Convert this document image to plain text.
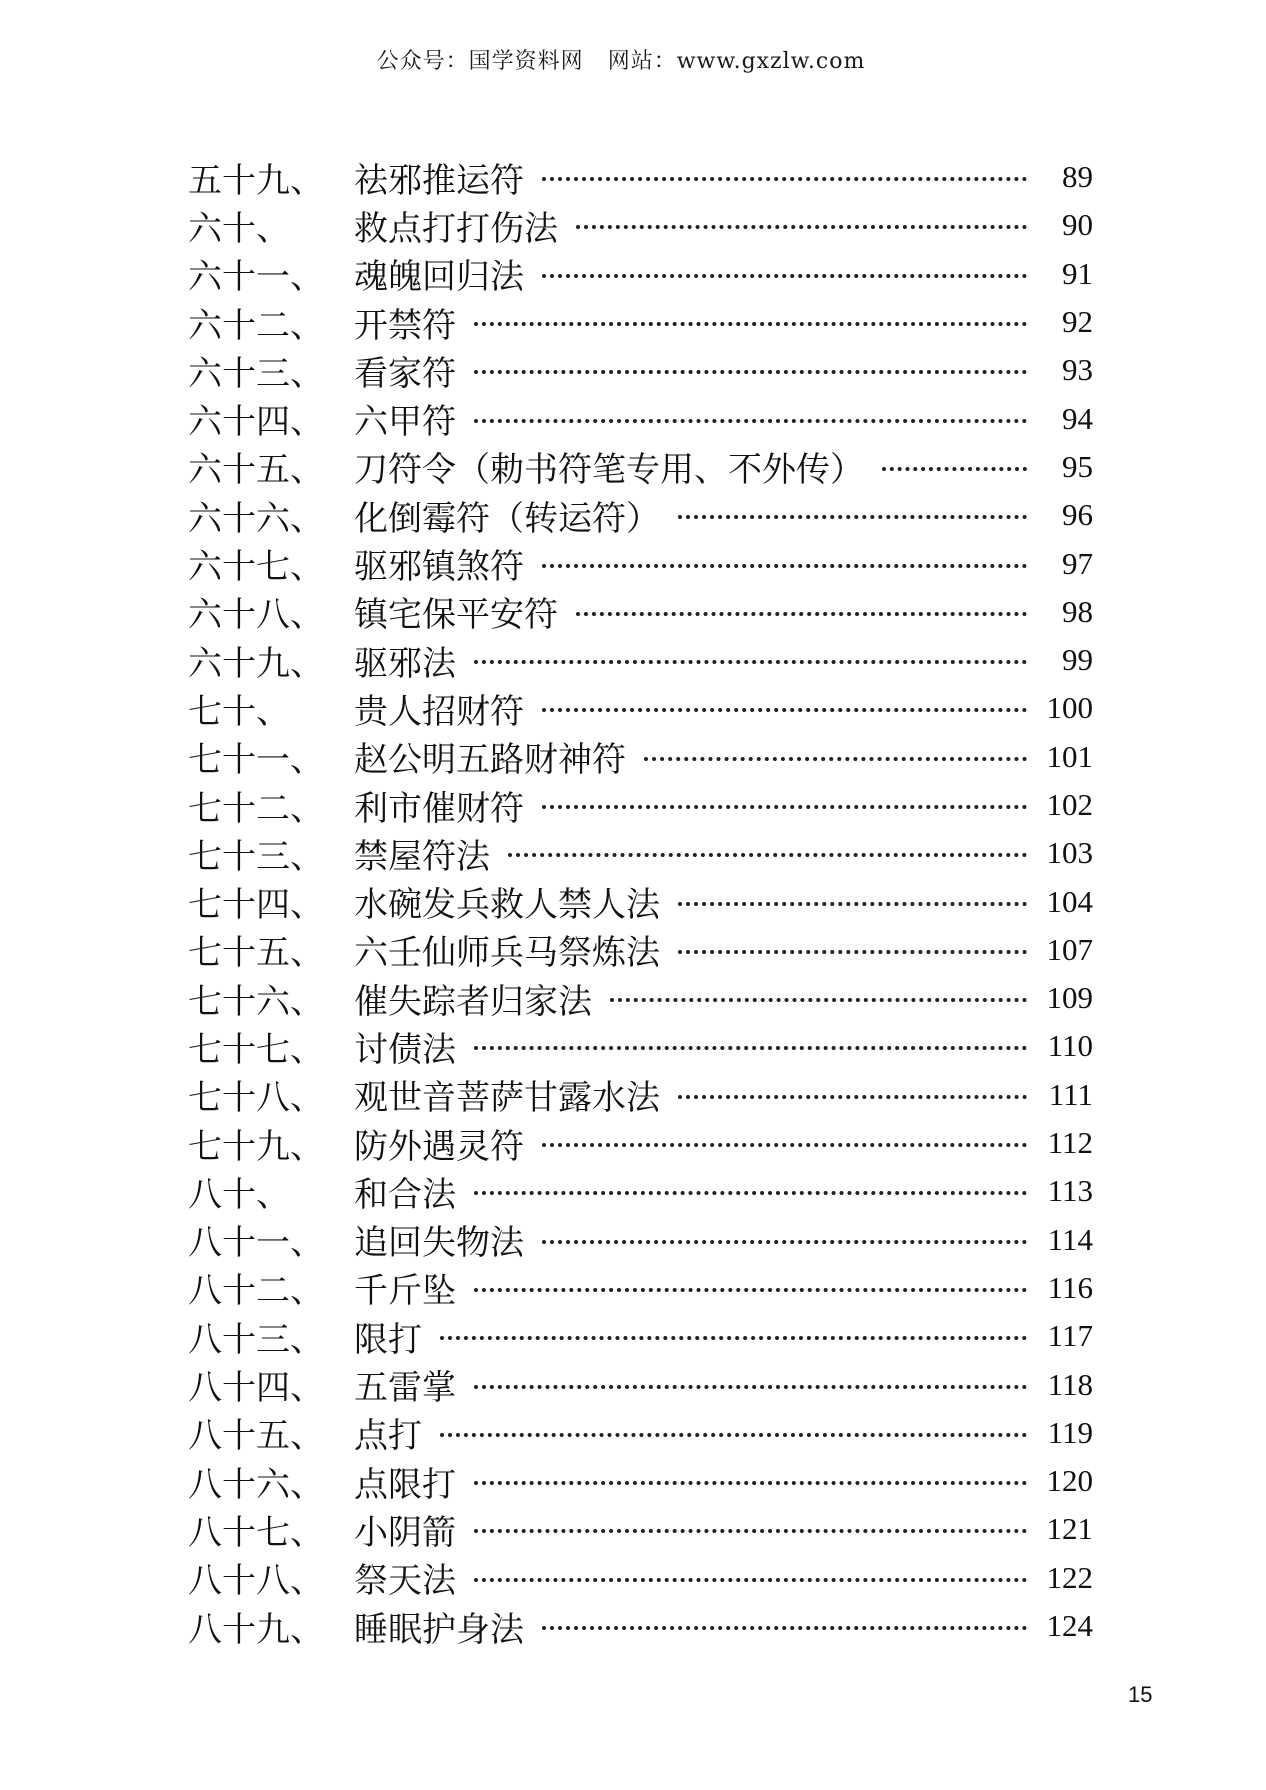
公众号：国学资料网 网站：www.gxzlw.com
五十九、 祛邪推运符	89
六十、	救点打打伤法	90
六十一、 魂魄回归法	91
六十二、 开禁符	92
六十三、 看家符	93
六十四、 六甲符	94
六十五、 刀符令（勅书符笔专用、不外传）	95
六十六、 化倒霉符（转运符）	96
六十七、 驱邪镇煞符	97
六十八、 镇宅保平安符	98
六十九、 驱邪法	99
七十、	贵人招财符	100
七十一、 赵公明五路财神符	101
七十二、 利市催财符	102
七十三、 禁屋符法	103
七十四、 水碗发兵救人禁人法	104
七十五、 六壬仙师兵马祭炼法	107
七十六、 催失踪者归家法	109
七十七、 讨债法	110
七十八、 观世音菩萨甘露水法	111
七十九、 防外遇灵符	112
八十、	和合法	113
八十一、 追回失物法	114
八十二、 千斤坠	116
八十三、 限打	117
八十四、 五雷掌	118
八十五、 点打	119
八十六、 点限打	120
八十七、 小阴箭	121
八十八、 祭天法	122
八十九、 睡眠护身法	124
15
